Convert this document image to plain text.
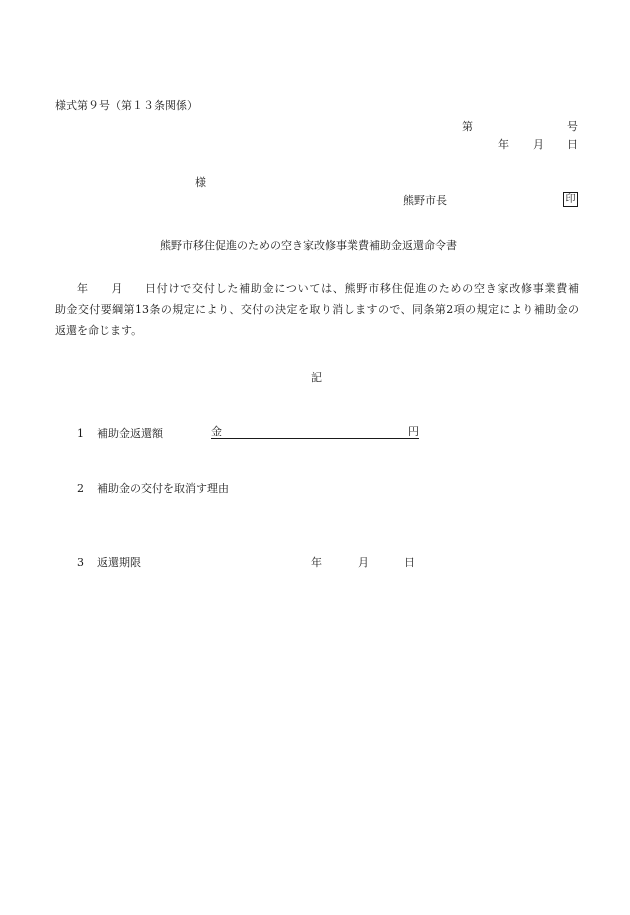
様式第９号（第１３条関係）
第	号
年 月 日
様
熊野市長	印
熊野市移住促進のための空き家改修事業費補助金返還命令書
年 月 日付けで交付した補助金については、熊野市移住促進のための空き家改修事業費補
助金交付要綱第13条の規定により、交付の決定を取り消しますので、同条第2項の規定により補助金の
返還を命じます。
記
1 補助金返還額	金	円
2 補助金の交付を取消す理由
3 返還期限	年	月	日
